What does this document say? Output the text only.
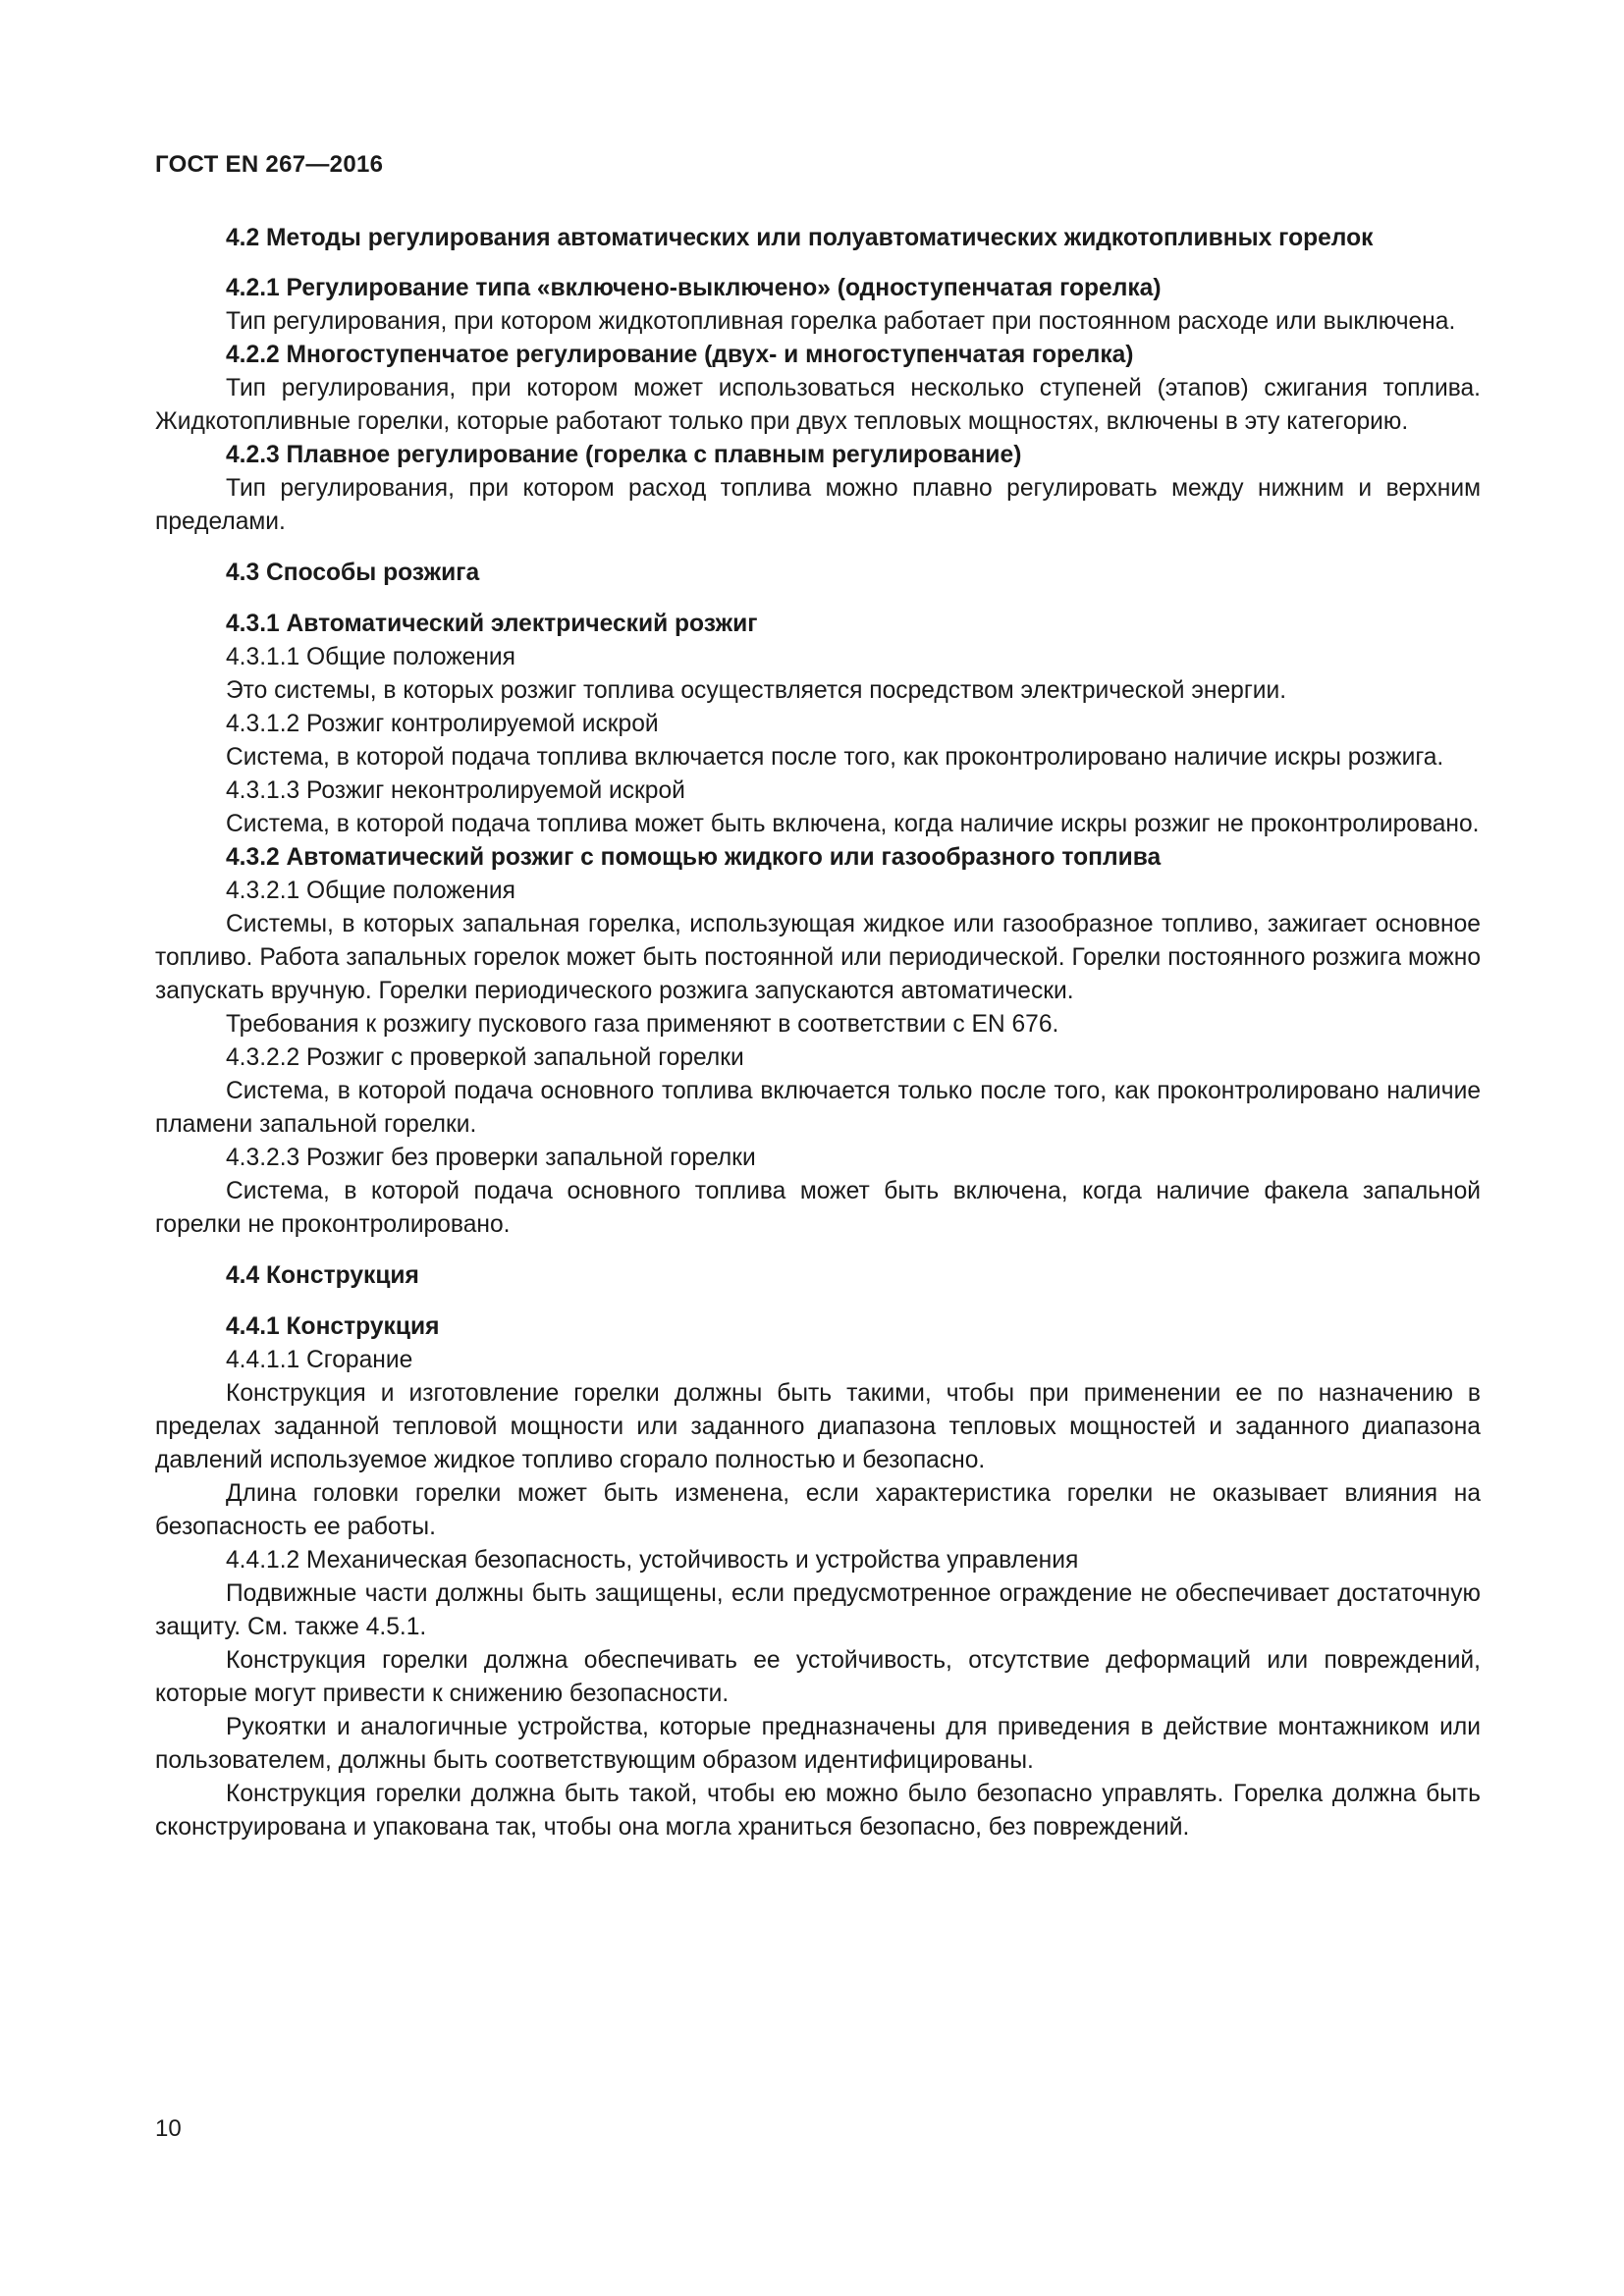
ГОСТ EN 267—2016

4.2 Методы регулирования автоматических или полуавтоматических жидкотопливных горелок

4.2.1 Регулирование типа «включено-выключено» (одноступенчатая горелка)

Тип регулирования, при котором жидкотопливная горелка работает при постоянном расходе или выключена.

4.2.2 Многоступенчатое регулирование (двух- и многоступенчатая горелка)

Тип регулирования, при котором может использоваться несколько ступеней (этапов) сжигания топлива. Жидкотопливные горелки, которые работают только при двух тепловых мощностях, включены в эту категорию.

4.2.3 Плавное регулирование (горелка с плавным регулирование)

Тип регулирования, при котором расход топлива можно плавно регулировать между нижним и верхним пределами.

4.3 Способы розжига

4.3.1 Автоматический электрический розжиг

4.3.1.1 Общие положения

Это системы, в которых розжиг топлива осуществляется посредством электрической энергии.

4.3.1.2 Розжиг контролируемой искрой

Система, в которой подача топлива включается после того, как проконтролировано наличие искры розжига.

4.3.1.3 Розжиг неконтролируемой искрой

Система, в которой подача топлива может быть включена, когда наличие искры розжиг не проконтролировано.

4.3.2 Автоматический розжиг с помощью жидкого или газообразного топлива

4.3.2.1 Общие положения

Системы, в которых запальная горелка, использующая жидкое или газообразное топливо, зажигает основное топливо. Работа запальных горелок может быть постоянной или периодической. Горелки постоянного розжига можно запускать вручную. Горелки периодического розжига запускаются автоматически.

Требования к розжигу пускового газа применяют в соответствии с EN 676.

4.3.2.2 Розжиг с проверкой запальной горелки

Система, в которой подача основного топлива включается только после того, как проконтролировано наличие пламени запальной горелки.

4.3.2.3 Розжиг без проверки запальной горелки

Система, в которой подача основного топлива может быть включена, когда наличие факела запальной горелки не проконтролировано.

4.4 Конструкция

4.4.1 Конструкция

4.4.1.1 Сгорание

Конструкция и изготовление горелки должны быть такими, чтобы при применении ее по назначению в пределах заданной тепловой мощности или заданного диапазона тепловых мощностей и заданного диапазона давлений используемое жидкое топливо сгорало полностью и безопасно.

Длина головки горелки может быть изменена, если характеристика горелки не оказывает влияния на безопасность ее работы.

4.4.1.2 Механическая безопасность, устойчивость и устройства управления

Подвижные части должны быть защищены, если предусмотренное ограждение не обеспечивает достаточную защиту. См. также 4.5.1.

Конструкция горелки должна обеспечивать ее устойчивость, отсутствие деформаций или повреждений, которые могут привести к снижению безопасности.

Рукоятки и аналогичные устройства, которые предназначены для приведения в действие монтажником или пользователем, должны быть соответствующим образом идентифицированы.

Конструкция горелки должна быть такой, чтобы ею можно было безопасно управлять. Горелка должна быть сконструирована и упакована так, чтобы она могла храниться безопасно, без повреждений.

10
